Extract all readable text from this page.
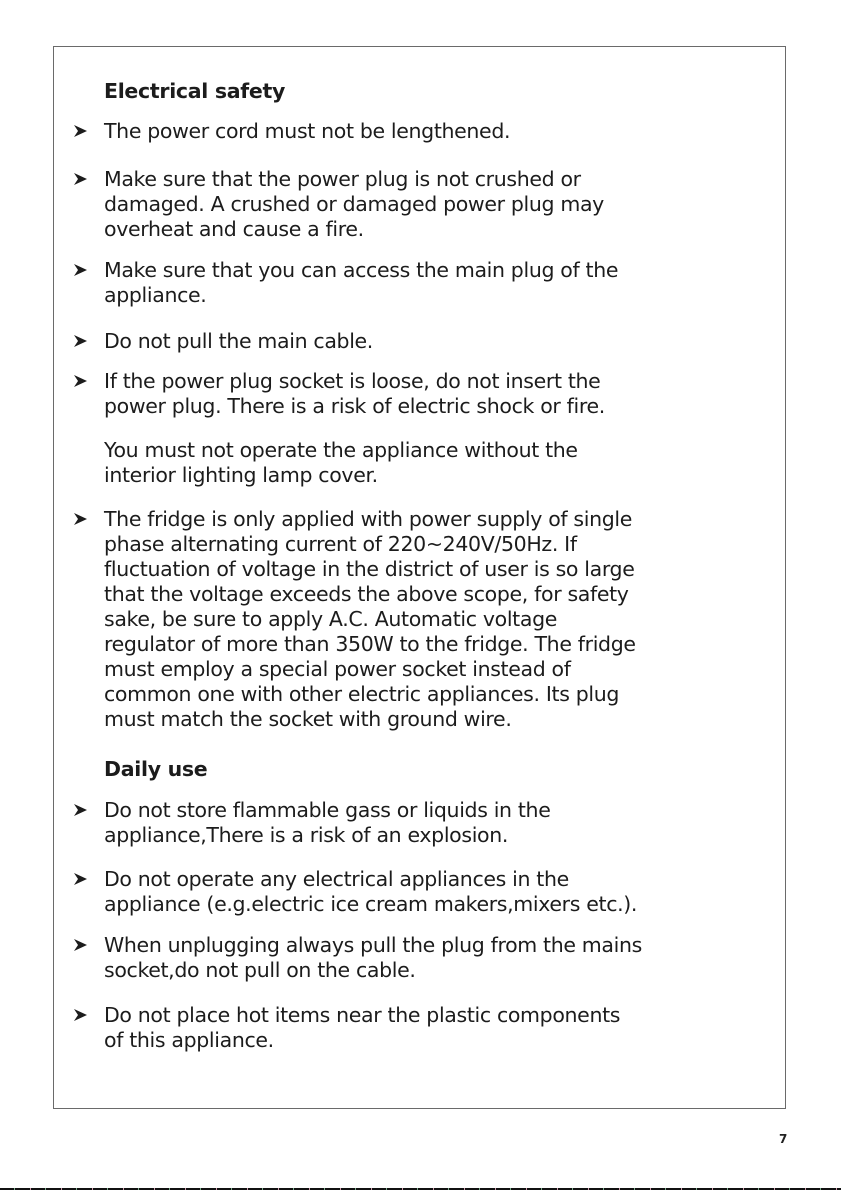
Electrical safety
The power cord must not be lengthened.
Make sure that the power plug is not crushed or
damaged. A crushed or damaged power plug may
overheat and cause a fire.
Make sure that you can access the main plug of the
appliance.
Do not pull the main cable.
If the power plug socket is loose, do not insert the
power plug. There is a risk of electric shock or fire.
You must not operate the appliance without the
interior lighting lamp cover.
The fridge is only applied with power supply of single
phase alternating current of 220~240V/50Hz. If
fluctuation of voltage in the district of user is so large
that the voltage exceeds the above scope, for safety
sake, be sure to apply A.C. Automatic voltage
regulator of more than 350W to the fridge. The fridge
must employ a special power socket instead of
common one with other electric appliances. Its plug
must match the socket with ground wire.
Daily use
Do not store flammable gass or liquids in the
appliance,There is a risk of an explosion.
Do not operate any electrical appliances in the
appliance (e.g.electric ice cream makers,mixers etc.).
When unplugging always pull the plug from the mains
socket,do not pull on the cable.
Do not place hot items near the plastic components
of this appliance.
7
